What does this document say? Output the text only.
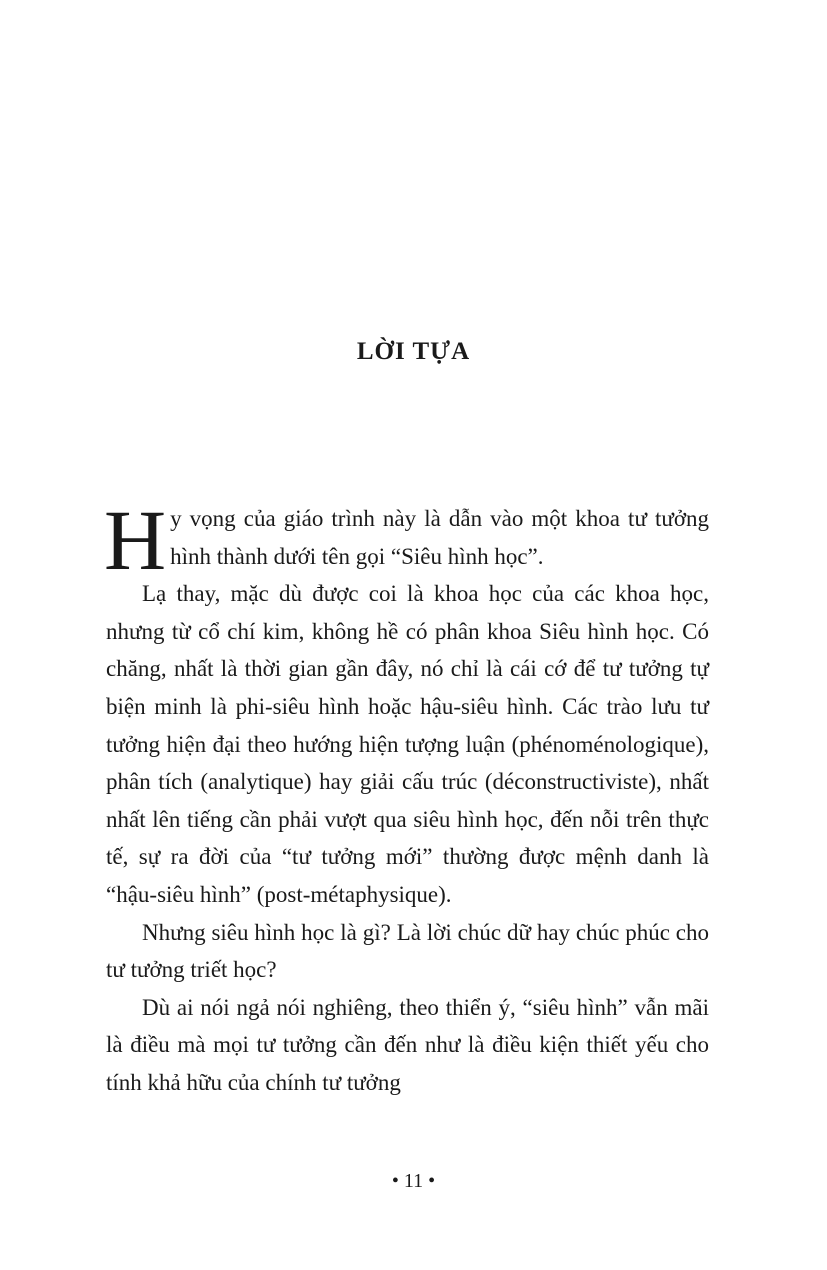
LỜI TỰA

Hy vọng của giáo trình này là dẫn vào một khoa tư tưởng hình thành dưới tên gọi “Siêu hình học”.

Lạ thay, mặc dù được coi là khoa học của các khoa học, nhưng từ cổ chí kim, không hề có phân khoa Siêu hình học. Có chăng, nhất là thời gian gần đây, nó chỉ là cái cớ để tư tưởng tự biện minh là phi-siêu hình hoặc hậu-siêu hình. Các trào lưu tư tưởng hiện đại theo hướng hiện tượng luận (phénoménologique), phân tích (analytique) hay giải cấu trúc (déconstructiviste), nhất nhất lên tiếng cần phải vượt qua siêu hình học, đến nỗi trên thực tế, sự ra đời của “tư tưởng mới” thường được mệnh danh là “hậu-siêu hình” (post-métaphysique).

Nhưng siêu hình học là gì? Là lời chúc dữ hay chúc phúc cho tư tưởng triết học?

Dù ai nói ngả nói nghiêng, theo thiển ý, “siêu hình” vẫn mãi là điều mà mọi tư tưởng cần đến như là điều kiện thiết yếu cho tính khả hữu của chính tư tưởng

• 11 •
